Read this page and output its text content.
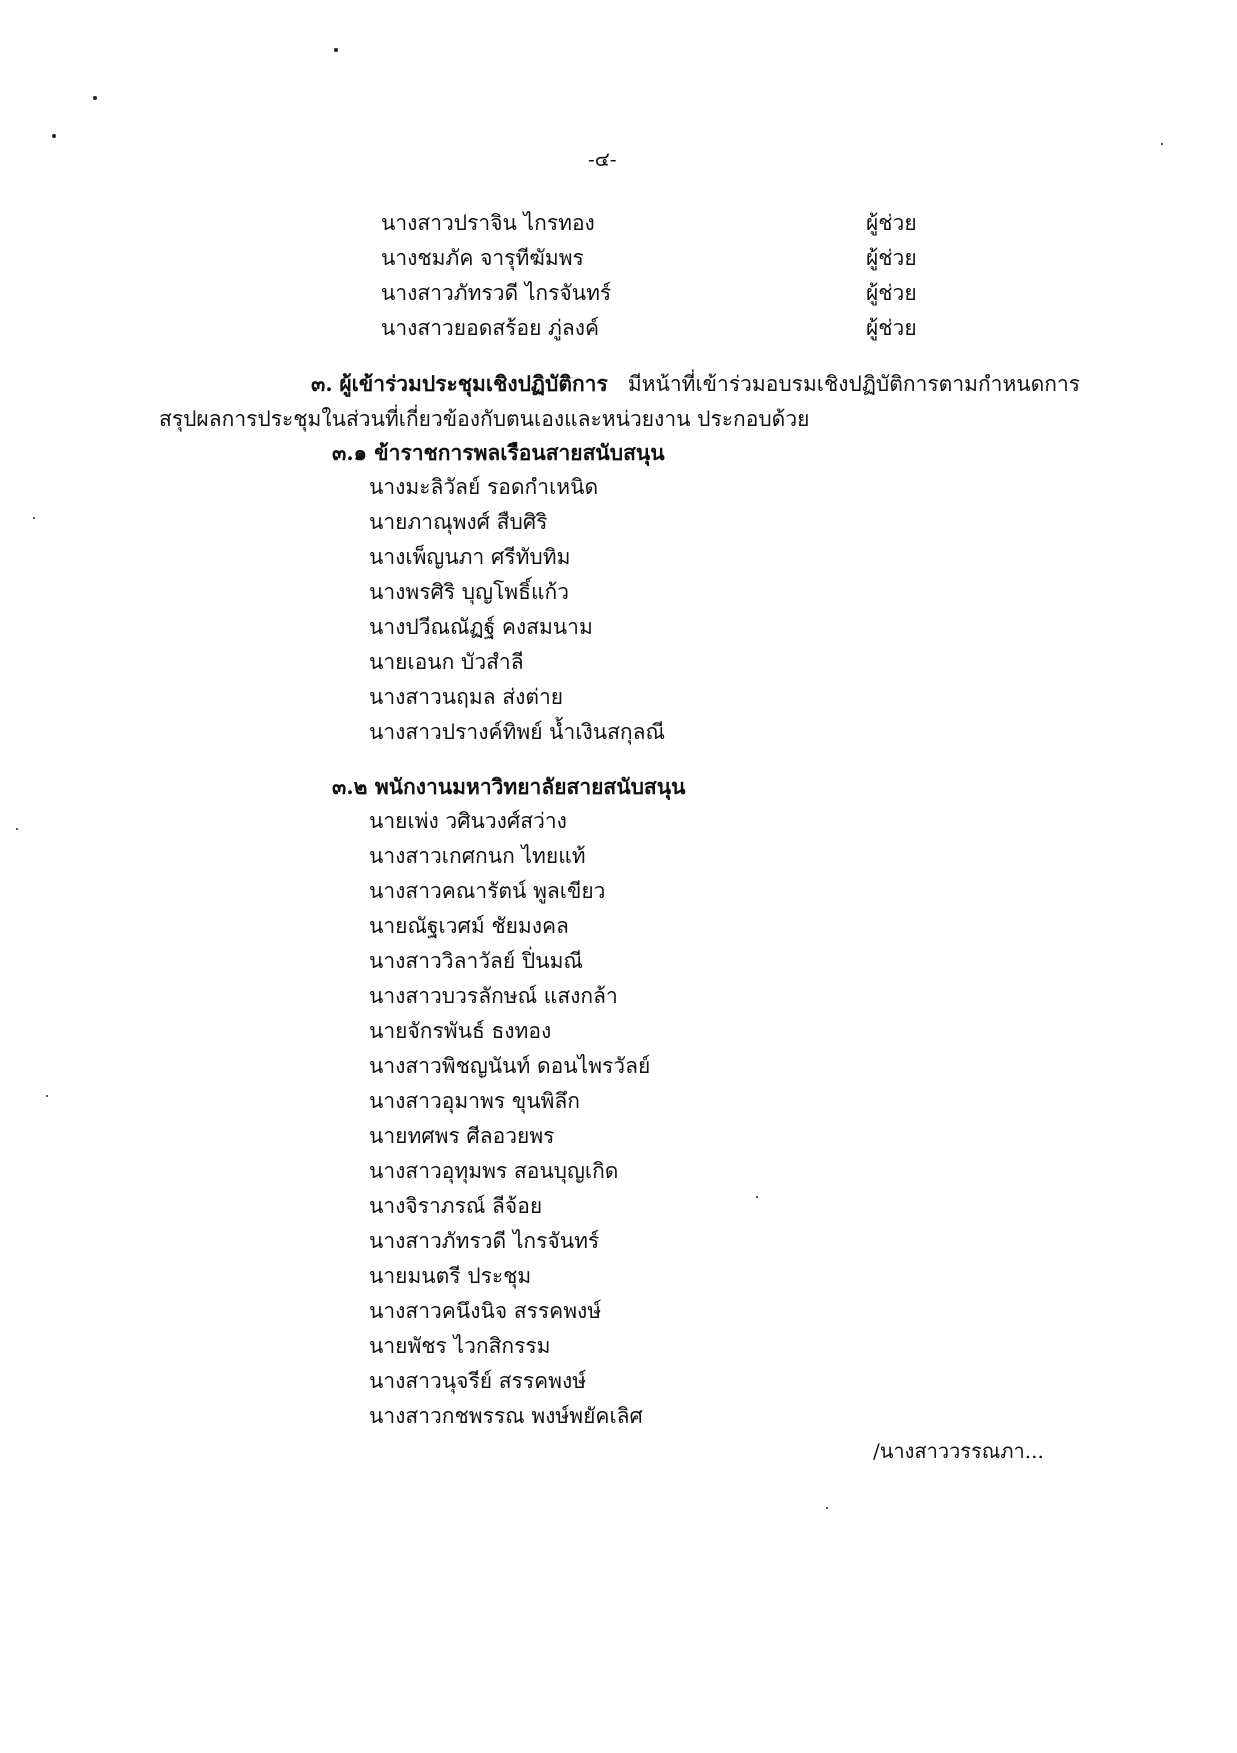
-๔-
นางสาวปราจิน ไกรทอง	ผู้ช่วย
นางชมภัค จารุทีฆัมพร	ผู้ช่วย
นางสาวภัทรวดี ไกรจันทร์	ผู้ช่วย
นางสาวยอดสร้อย ภู่ลงค์	ผู้ช่วย
๓. ผู้เข้าร่วมประชุมเชิงปฏิบัติการ มีหน้าที่เข้าร่วมอบรมเชิงปฏิบัติการตามกำหนดการ
สรุปผลการประชุมในส่วนที่เกี่ยวข้องกับตนเองและหน่วยงาน ประกอบด้วย
๓.๑ ข้าราชการพลเรือนสายสนับสนุน
นางมะลิวัลย์ รอดกำเหนิด
นายภาณุพงศ์ สืบศิริ
นางเพ็ญนภา ศรีทับทิม
นางพรศิริ บุญโพธิ์แก้ว
นางปวีณณัฏฐ์ คงสมนาม
นายเอนก บัวสำลี
นางสาวนฤมล ส่งต่าย
นางสาวปรางค์ทิพย์ น้ำเงินสกุลณี
๓.๒ พนักงานมหาวิทยาลัยสายสนับสนุน
นายเพ่ง วศินวงศ์สว่าง
นางสาวเกศกนก ไทยแท้
นางสาวคณารัตน์ พูลเขียว
นายณัฐเวศม์ ชัยมงคล
นางสาววิลาวัลย์ ปิ่นมณี
นางสาวบวรลักษณ์ แสงกล้า
นายจักรพันธ์ ธงทอง
นางสาวพิชญนันท์ ดอนไพรวัลย์
นางสาวอุมาพร ขุนพิลึก
นายทศพร ศีลอวยพร
นางสาวอุทุมพร สอนบุญเกิด
นางจิราภรณ์ ลีจ้อย
นางสาวภัทรวดี ไกรจันทร์
นายมนตรี ประชุม
นางสาวคนึงนิจ สรรคพงษ์
นายพัชร ไวกสิกรรม
นางสาวนุจรีย์ สรรคพงษ์
นางสาวกชพรรณ พงษ์พยัคเลิศ
/นางสาววรรณภา...
